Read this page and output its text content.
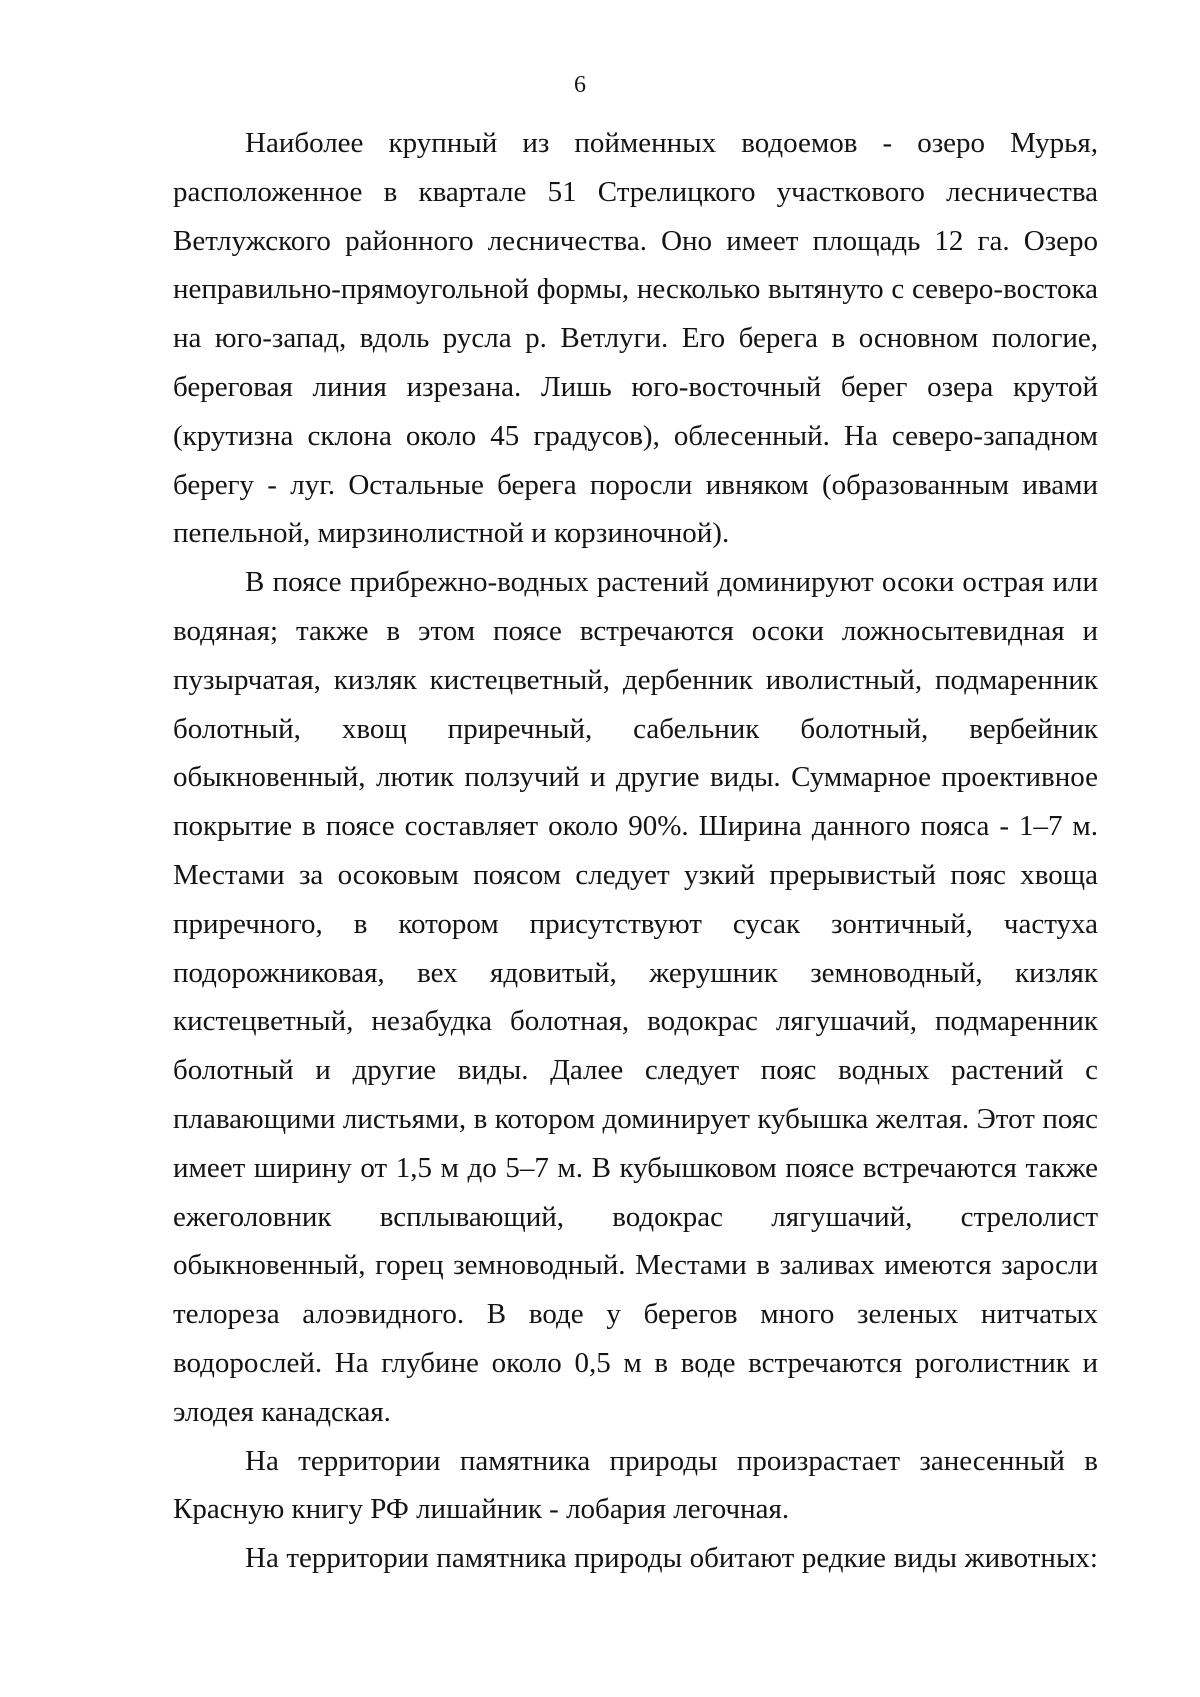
6

Наиболее крупный из пойменных водоемов - озеро Мурья, расположенное в квартале 51 Стрелицкого участкового лесничества Ветлужского районного лесничества. Оно имеет площадь 12 га. Озеро неправильно-прямоугольной формы, несколько вытянуто с северо-востока на юго-запад, вдоль русла р. Ветлуги. Его берега в основном пологие, береговая линия изрезана. Лишь юго-восточный берег озера крутой (крутизна склона около 45 градусов), облесенный. На северо-западном берегу - луг. Остальные берега поросли ивняком (образованным ивами пепельной, мирзинолистной и корзиночной).

В поясе прибрежно-водных растений доминируют осоки острая или водяная; также в этом поясе встречаются осоки ложносытевидная и пузырчатая, кизляк кистецветный, дербенник иволистный, подмаренник болотный, хвощ приречный, сабельник болотный, вербейник обыкновенный, лютик ползучий и другие виды. Суммарное проективное покрытие в поясе составляет около 90%. Ширина данного пояса - 1–7 м. Местами за осоковым поясом следует узкий прерывистый пояс хвоща приречного, в котором присутствуют сусак зонтичный, частуха подорожниковая, вех ядовитый, жерушник земноводный, кизляк кистецветный, незабудка болотная, водокрас лягушачий, подмаренник болотный и другие виды. Далее следует пояс водных растений с плавающими листьями, в котором доминирует кубышка желтая. Этот пояс имеет ширину от 1,5 м до 5–7 м. В кубышковом поясе встречаются также ежеголовник всплывающий, водокрас лягушачий, стрелолист обыкновенный, горец земноводный. Местами в заливах имеются заросли телореза алоэвидного. В воде у берегов много зеленых нитчатых водорослей. На глубине около 0,5 м в воде встречаются роголистник и элодея канадская.

На территории памятника природы произрастает занесенный в Красную книгу РФ лишайник - лобария легочная.

На территории памятника природы обитают редкие виды животных:
